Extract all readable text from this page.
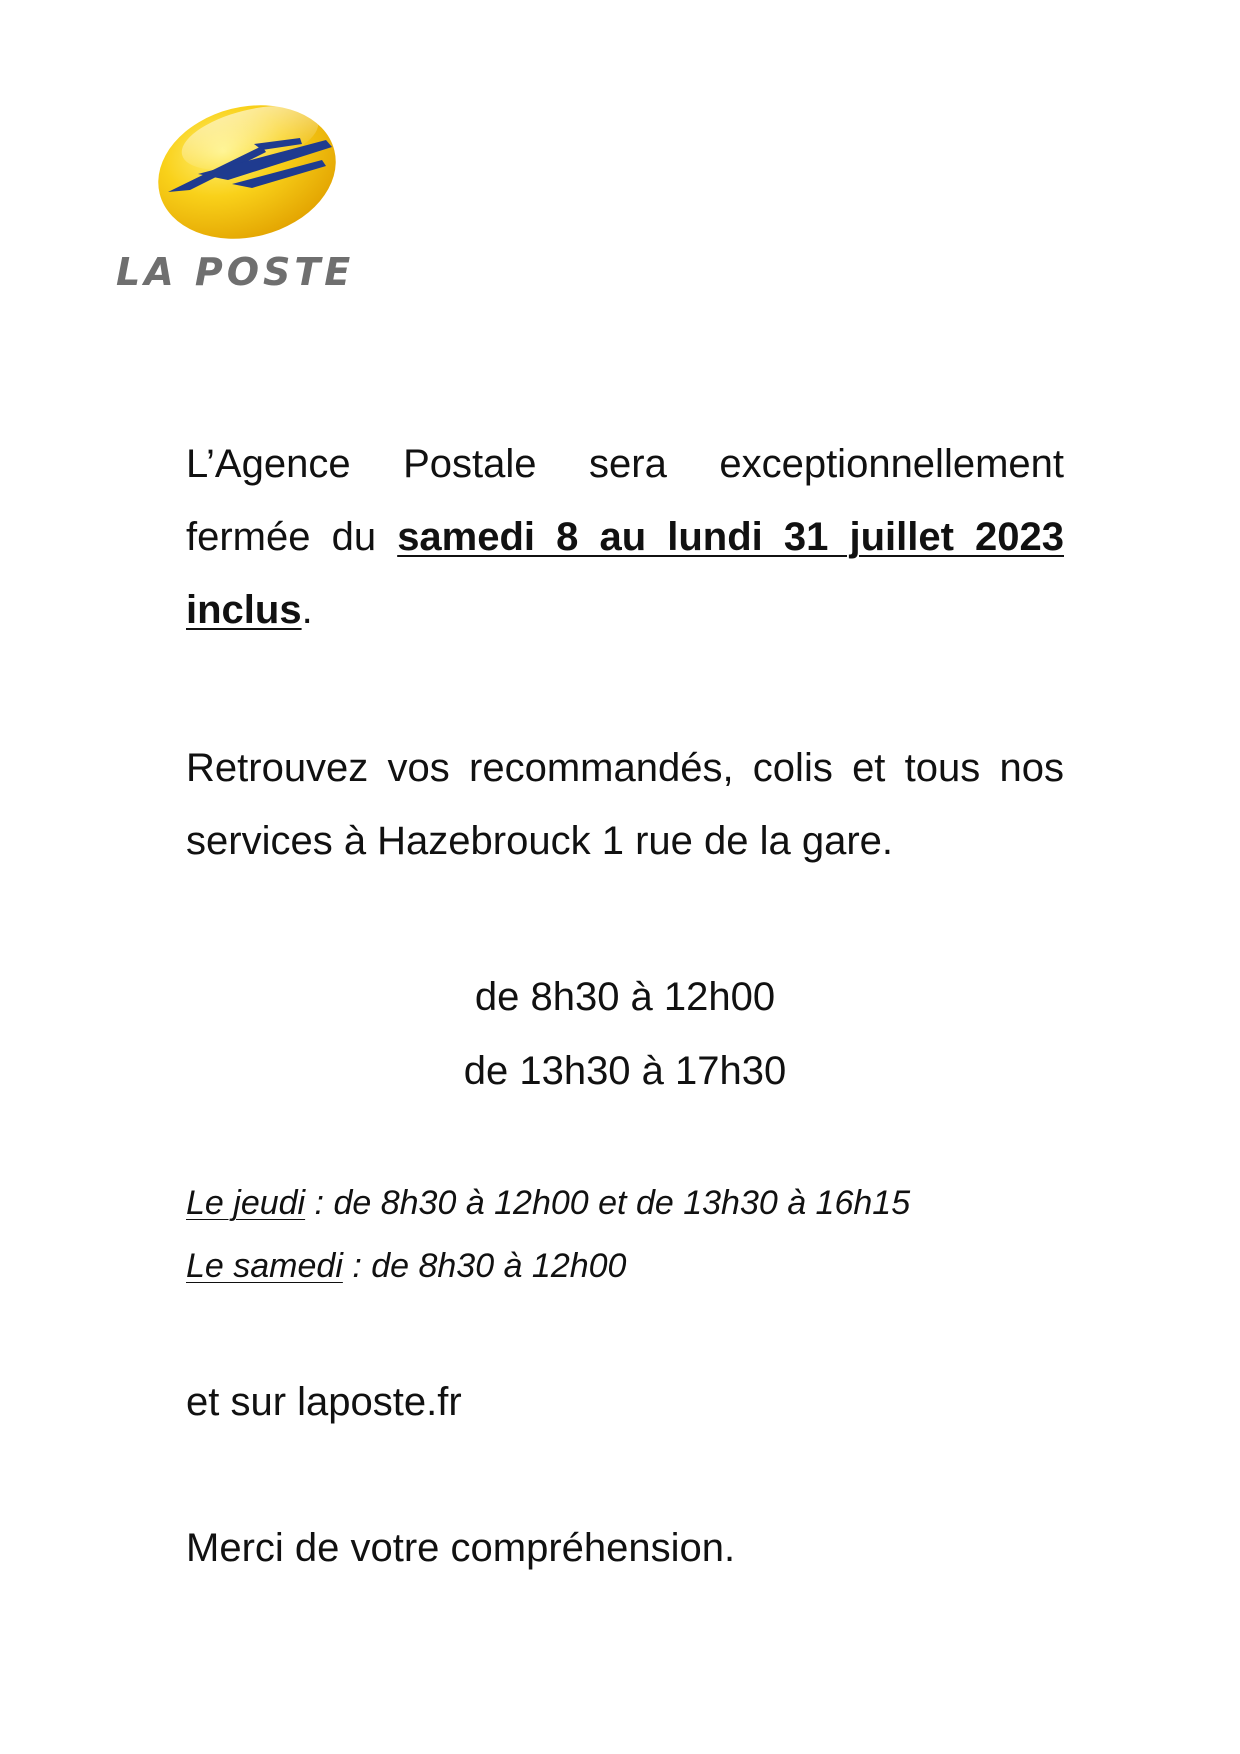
LA POSTE

L’Agence Postale sera exceptionnellement fermée du samedi 8 au lundi 31 juillet 2023 inclus.

Retrouvez vos recommandés, colis et tous nos services à Hazebrouck 1 rue de la gare.

de 8h30 à 12h00
de 13h30 à 17h30
Le jeudi : de 8h30 à 12h00 et de 13h30 à 16h15
Le samedi : de 8h30 à 12h00

et sur laposte.fr

Merci de votre compréhension.
